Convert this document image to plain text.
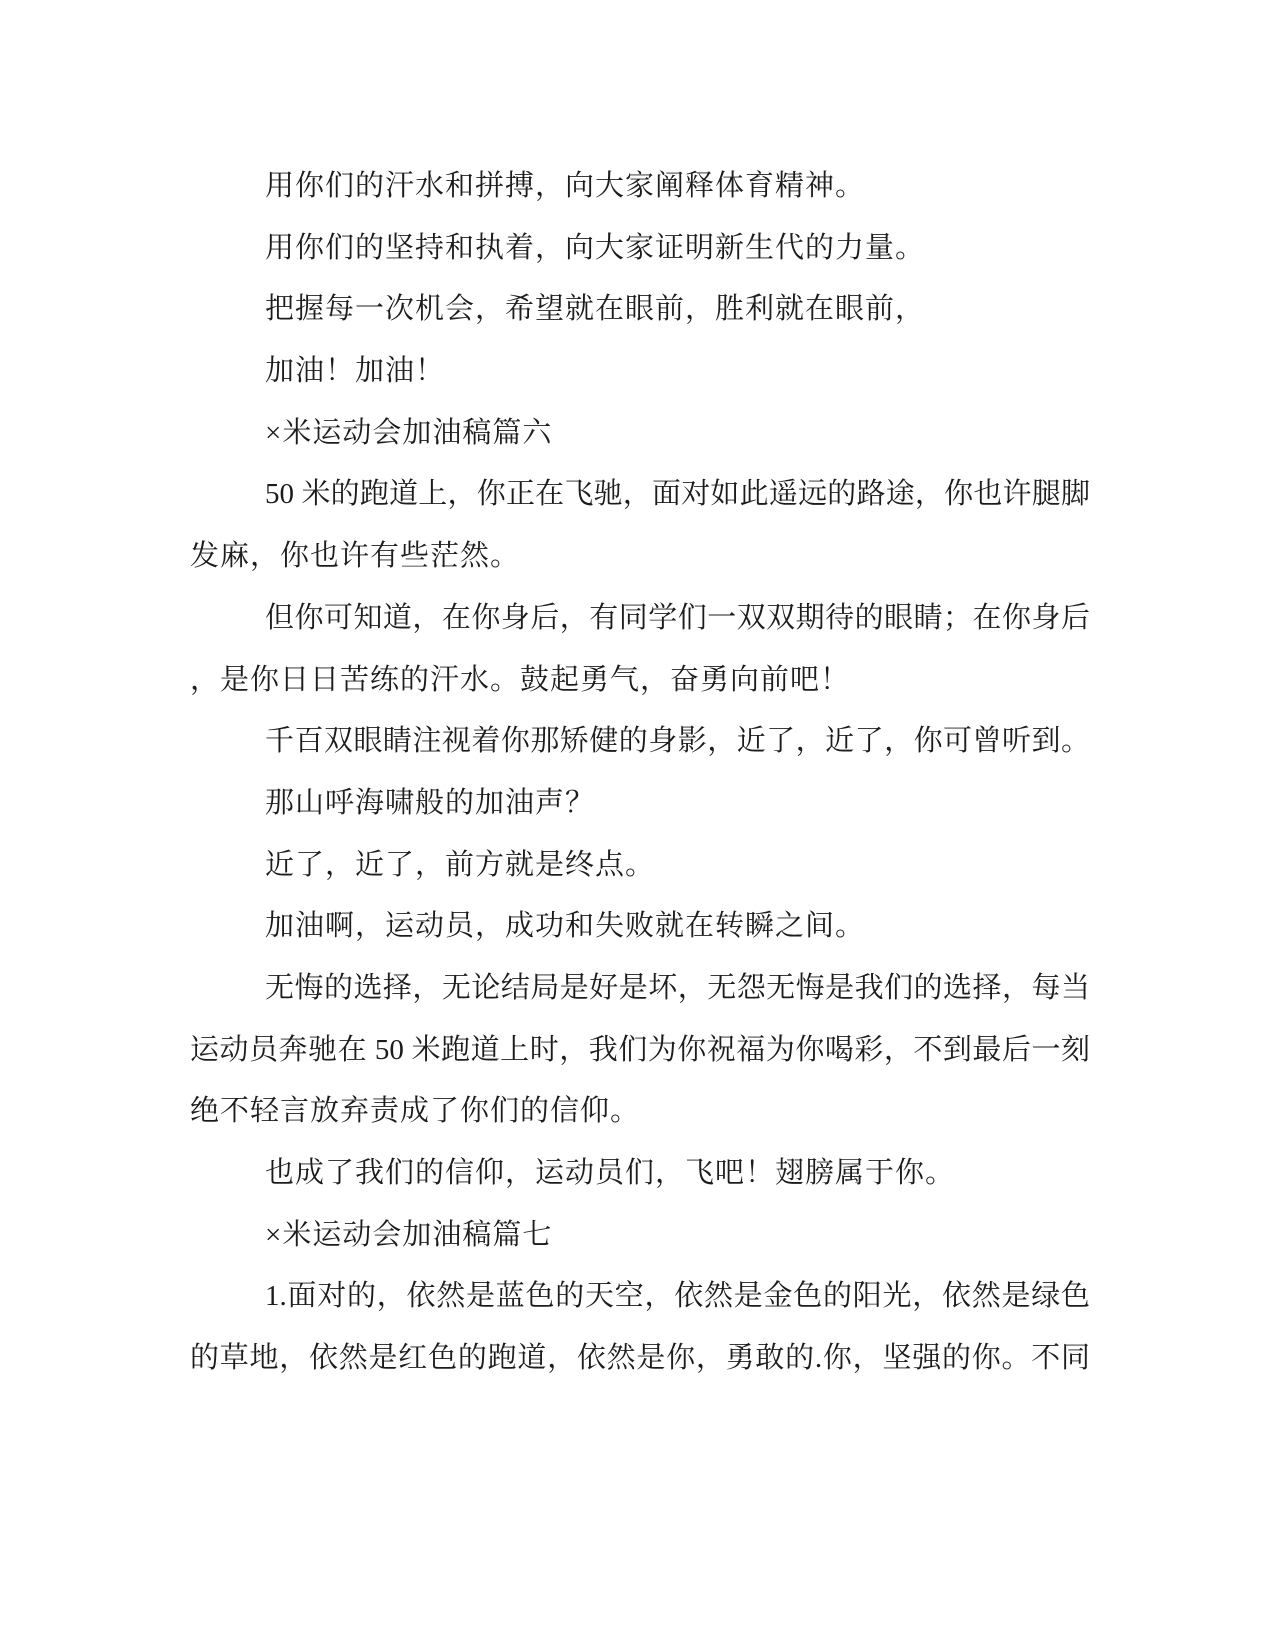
用你们的汗水和拼搏，向大家阐释体育精神。
用你们的坚持和执着，向大家证明新生代的力量。
把握每一次机会，希望就在眼前，胜利就在眼前，
加油！加油！
×米运动会加油稿篇六
50 米的跑道上，你正在飞驰，面对如此遥远的路途，你也许腿脚
发麻，你也许有些茫然。
但你可知道，在你身后，有同学们一双双期待的眼睛；在你身后
，是你日日苦练的汗水。鼓起勇气，奋勇向前吧！
千百双眼睛注视着你那矫健的身影，近了，近了，你可曾听到。
那山呼海啸般的加油声？
近了，近了，前方就是终点。
加油啊，运动员，成功和失败就在转瞬之间。
无悔的选择，无论结局是好是坏，无怨无悔是我们的选择，每当
运动员奔驰在 50 米跑道上时，我们为你祝福为你喝彩，不到最后一刻
绝不轻言放弃责成了你们的信仰。
也成了我们的信仰，运动员们，飞吧！翅膀属于你。
×米运动会加油稿篇七
1.面对的，依然是蓝色的天空，依然是金色的阳光，依然是绿色
的草地，依然是红色的跑道，依然是你，勇敢的.你，坚强的你。不同
